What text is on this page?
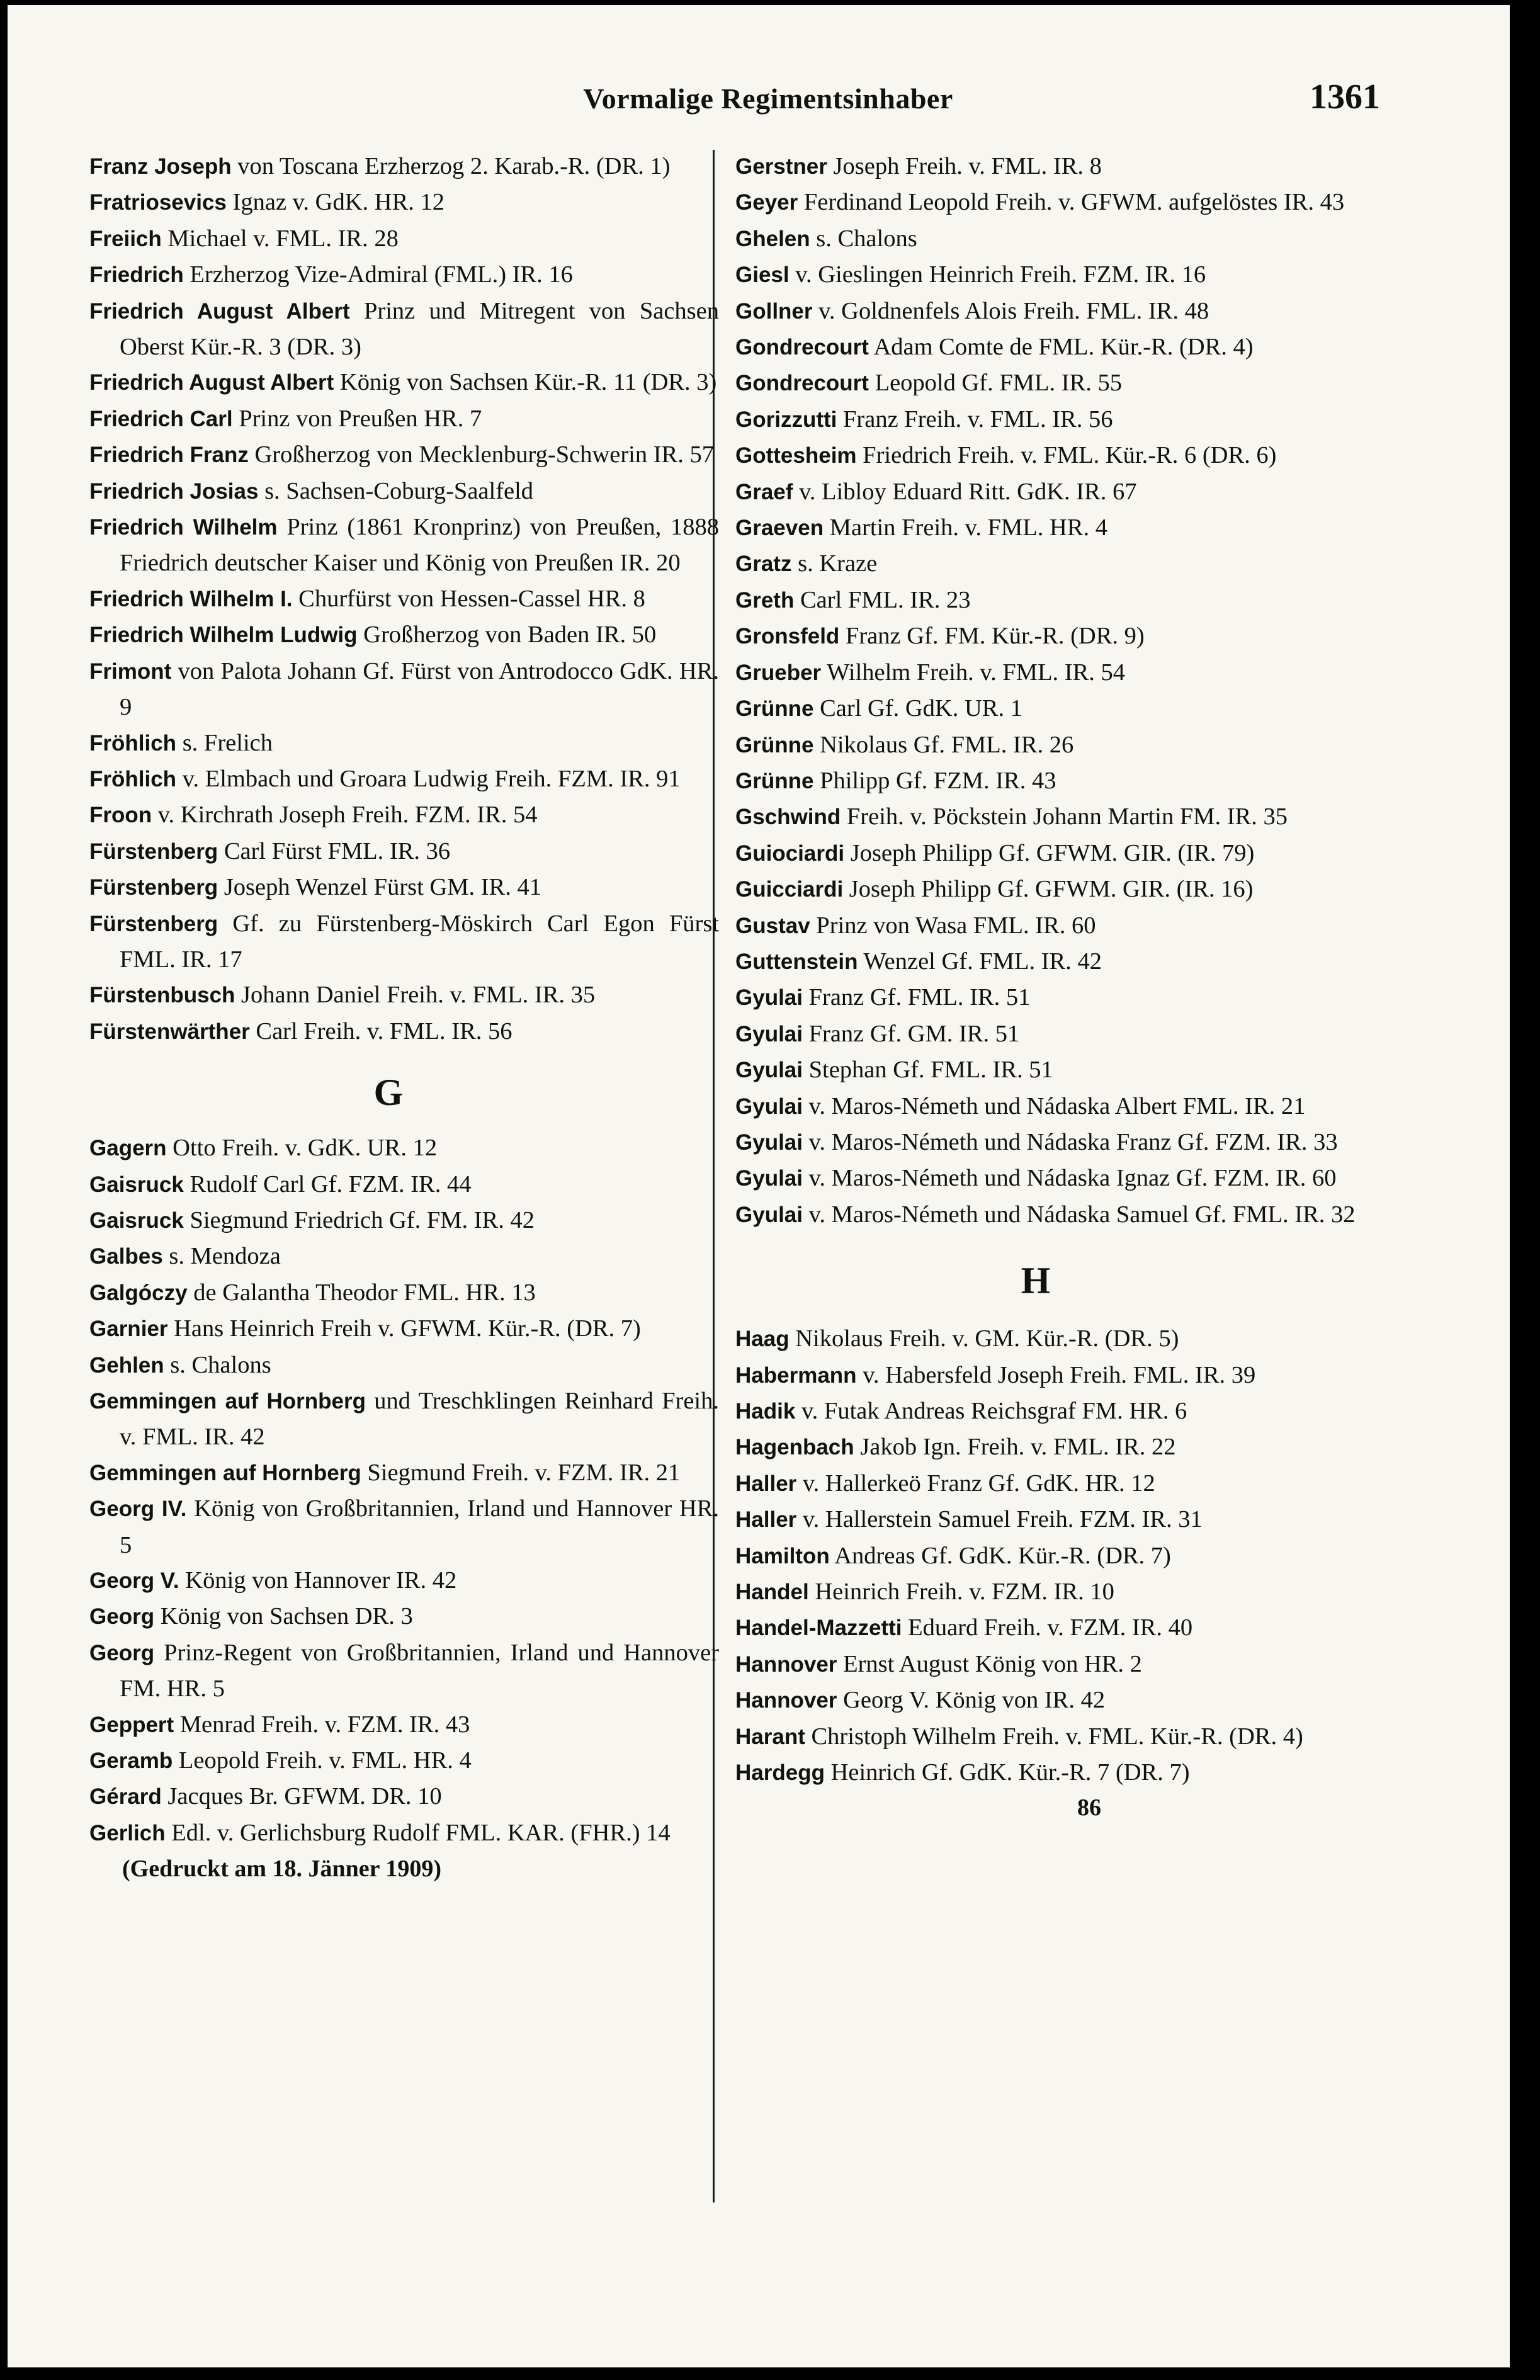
Vormalige Regimentsinhaber	1361

Franz Joseph von Toscana Erzherzog 2. Karab.-R. (DR. 1)

Fratriosevics Ignaz v. GdK. HR. 12

Freiich Michael v. FML. IR. 28

Friedrich Erzherzog Vize-Admiral (FML.) IR. 16

Friedrich August Albert Prinz und Mitregent von Sachsen Oberst Kür.-R. 3 (DR. 3)

Friedrich August Albert König von Sachsen Kür.-R. 11 (DR. 3)

Friedrich Carl Prinz von Preußen HR. 7

Friedrich Franz Großherzog von Mecklenburg-Schwerin IR. 57

Friedrich Josias s. Sachsen-Coburg-Saalfeld

Friedrich Wilhelm Prinz (1861 Kronprinz) von Preußen, 1888 Friedrich deutscher Kaiser und König von Preußen IR. 20

Friedrich Wilhelm I. Churfürst von Hessen-Cassel HR. 8

Friedrich Wilhelm Ludwig Großherzog von Baden IR. 50

Frimont von Palota Johann Gf. Fürst von Antrodocco GdK. HR. 9

Fröhlich s. Frelich

Fröhlich v. Elmbach und Groara Ludwig Freih. FZM. IR. 91

Froon v. Kirchrath Joseph Freih. FZM. IR. 54

Fürstenberg Carl Fürst FML. IR. 36

Fürstenberg Joseph Wenzel Fürst GM. IR. 41

Fürstenberg Gf. zu Fürstenberg-Möskirch Carl Egon Fürst FML. IR. 17

Fürstenbusch Johann Daniel Freih. v. FML. IR. 35

Fürstenwärther Carl Freih. v. FML. IR. 56

G

Gagern Otto Freih. v. GdK. UR. 12

Gaisruck Rudolf Carl Gf. FZM. IR. 44

Gaisruck Siegmund Friedrich Gf. FM. IR. 42

Galbes s. Mendoza

Galgóczy de Galantha Theodor FML. HR. 13

Garnier Hans Heinrich Freih v. GFWM. Kür.-R. (DR. 7)

Gehlen s. Chalons

Gemmingen auf Hornberg und Treschklingen Reinhard Freih. v. FML. IR. 42

Gemmingen auf Hornberg Siegmund Freih. v. FZM. IR. 21

Georg IV. König von Großbritannien, Irland und Hannover HR. 5

Georg V. König von Hannover IR. 42

Georg König von Sachsen DR. 3

Georg Prinz-Regent von Großbritannien, Irland und Hannover FM. HR. 5

Geppert Menrad Freih. v. FZM. IR. 43

Geramb Leopold Freih. v. FML. HR. 4

Gérard Jacques Br. GFWM. DR. 10

Gerlich Edl. v. Gerlichsburg Rudolf FML. KAR. (FHR.) 14

(Gedruckt am 18. Jänner 1909)

Gerstner Joseph Freih. v. FML. IR. 8

Geyer Ferdinand Leopold Freih. v. GFWM. aufgelöstes IR. 43

Ghelen s. Chalons

Giesl v. Gieslingen Heinrich Freih. FZM. IR. 16

Gollner v. Goldnenfels Alois Freih. FML. IR. 48

Gondrecourt Adam Comte de FML. Kür.-R. (DR. 4)

Gondrecourt Leopold Gf. FML. IR. 55

Gorizzutti Franz Freih. v. FML. IR. 56

Gottesheim Friedrich Freih. v. FML. Kür.-R. 6 (DR. 6)

Graef v. Libloy Eduard Ritt. GdK. IR. 67

Graeven Martin Freih. v. FML. HR. 4

Gratz s. Kraze

Greth Carl FML. IR. 23

Gronsfeld Franz Gf. FM. Kür.-R. (DR. 9)

Grueber Wilhelm Freih. v. FML. IR. 54

Grünne Carl Gf. GdK. UR. 1

Grünne Nikolaus Gf. FML. IR. 26

Grünne Philipp Gf. FZM. IR. 43

Gschwind Freih. v. Pöckstein Johann Martin FM. IR. 35

Guiociardi Joseph Philipp Gf. GFWM. GIR. (IR. 79)

Guicciardi Joseph Philipp Gf. GFWM. GIR. (IR. 16)

Gustav Prinz von Wasa FML. IR. 60

Guttenstein Wenzel Gf. FML. IR. 42

Gyulai Franz Gf. FML. IR. 51

Gyulai Franz Gf. GM. IR. 51

Gyulai Stephan Gf. FML. IR. 51

Gyulai v. Maros-Németh und Nádaska Albert FML. IR. 21

Gyulai v. Maros-Németh und Nádaska Franz Gf. FZM. IR. 33

Gyulai v. Maros-Németh und Nádaska Ignaz Gf. FZM. IR. 60

Gyulai v. Maros-Németh und Nádaska Samuel Gf. FML. IR. 32

H

Haag Nikolaus Freih. v. GM. Kür.-R. (DR. 5)

Habermann v. Habersfeld Joseph Freih. FML. IR. 39

Hadik v. Futak Andreas Reichsgraf FM. HR. 6

Hagenbach Jakob Ign. Freih. v. FML. IR. 22

Haller v. Hallerkeö Franz Gf. GdK. HR. 12

Haller v. Hallerstein Samuel Freih. FZM. IR. 31

Hamilton Andreas Gf. GdK. Kür.-R. (DR. 7)

Handel Heinrich Freih. v. FZM. IR. 10

Handel-Mazzetti Eduard Freih. v. FZM. IR. 40

Hannover Ernst August König von HR. 2

Hannover Georg V. König von IR. 42

Harant Christoph Wilhelm Freih. v. FML. Kür.-R. (DR. 4)

Hardegg Heinrich Gf. GdK. Kür.-R. 7 (DR. 7)

86
